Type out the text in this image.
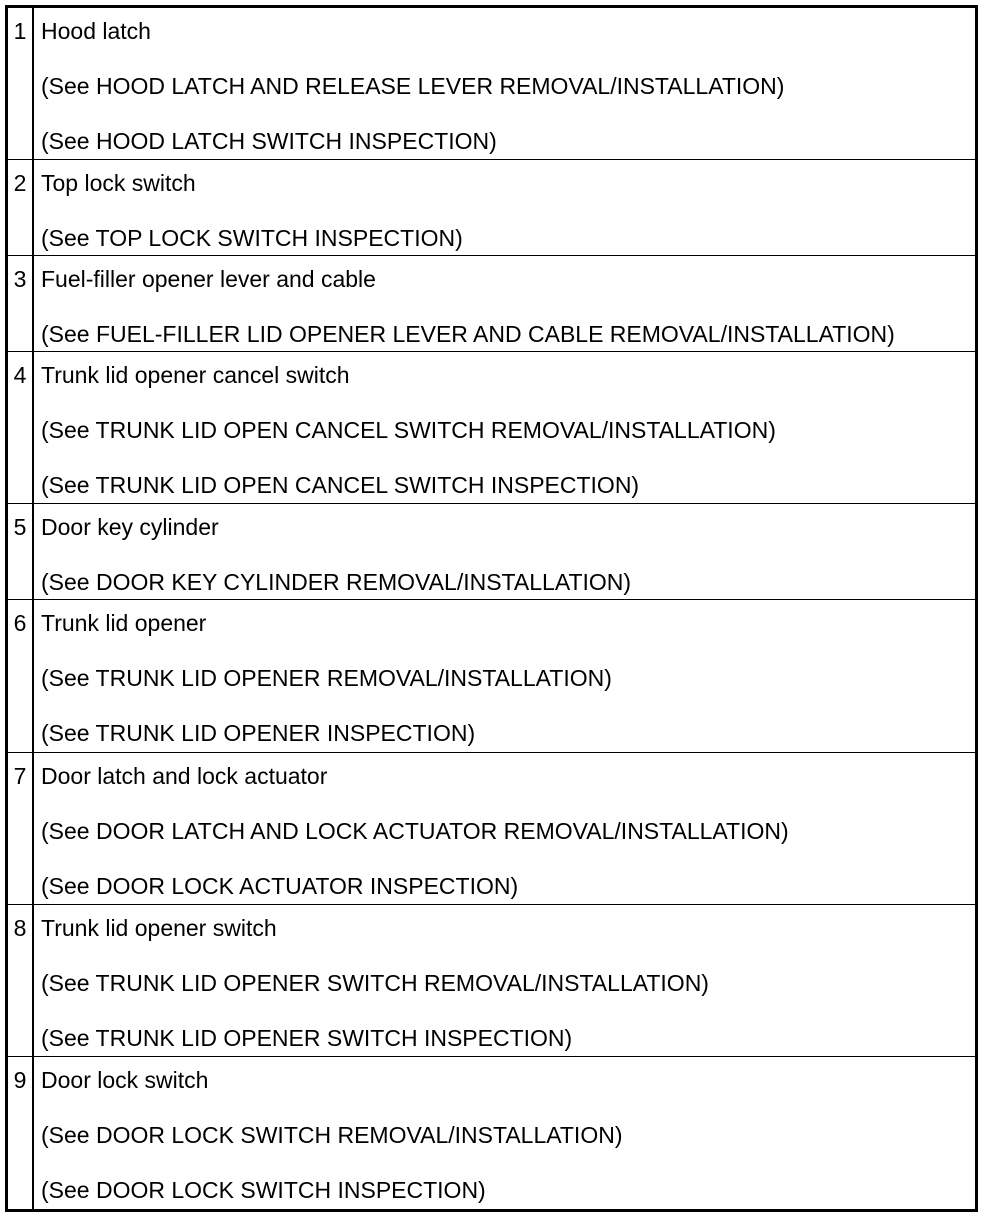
1	Hood latch
(See HOOD LATCH AND RELEASE LEVER REMOVAL/INSTALLATION)
(See HOOD LATCH SWITCH INSPECTION)

2	Top lock switch
(See TOP LOCK SWITCH INSPECTION)

3	Fuel-filler opener lever and cable
(See FUEL-FILLER LID OPENER LEVER AND CABLE REMOVAL/INSTALLATION)

4	Trunk lid opener cancel switch
(See TRUNK LID OPEN CANCEL SWITCH REMOVAL/INSTALLATION)
(See TRUNK LID OPEN CANCEL SWITCH INSPECTION)

5	Door key cylinder
(See DOOR KEY CYLINDER REMOVAL/INSTALLATION)

6	Trunk lid opener
(See TRUNK LID OPENER REMOVAL/INSTALLATION)
(See TRUNK LID OPENER INSPECTION)

7	Door latch and lock actuator
(See DOOR LATCH AND LOCK ACTUATOR REMOVAL/INSTALLATION)
(See DOOR LOCK ACTUATOR INSPECTION)

8	Trunk lid opener switch
(See TRUNK LID OPENER SWITCH REMOVAL/INSTALLATION)
(See TRUNK LID OPENER SWITCH INSPECTION)

9	Door lock switch
(See DOOR LOCK SWITCH REMOVAL/INSTALLATION)
(See DOOR LOCK SWITCH INSPECTION)
